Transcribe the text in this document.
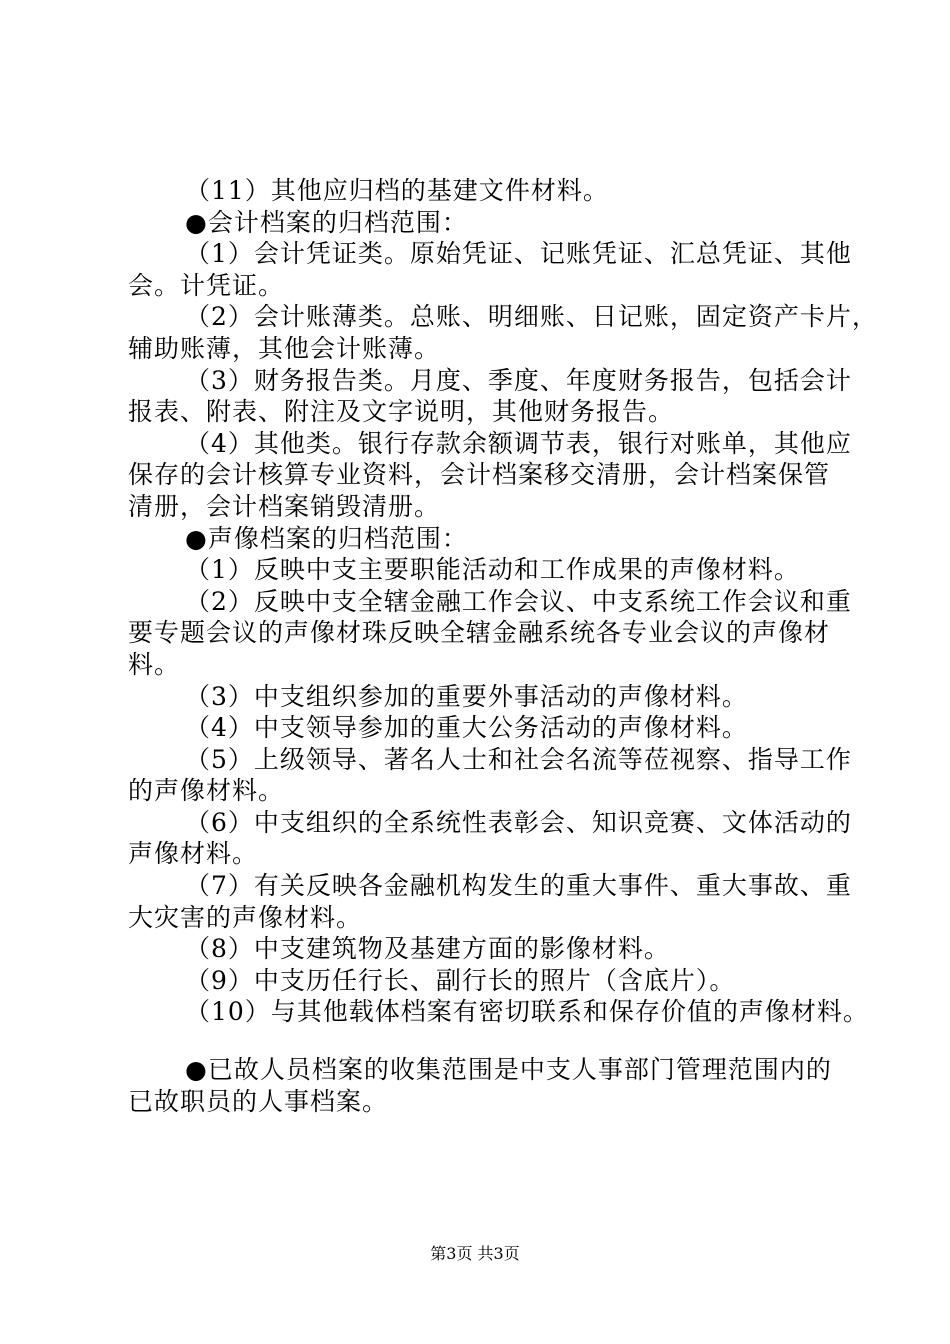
（11）其他应归档的基建文件材料。
●会计档案的归档范围：
（1）会计凭证类。原始凭证、记账凭证、汇总凭证、其他
会。计凭证。
（2）会计账薄类。总账、明细账、日记账，固定资产卡片，
辅助账薄，其他会计账薄。
（3）财务报告类。月度、季度、年度财务报告，包括会计
报表、附表、附注及文字说明，其他财务报告。
（4）其他类。银行存款余额调节表，银行对账单，其他应
保存的会计核算专业资料，会计档案移交清册，会计档案保管
清册，会计档案销毁清册。
●声像档案的归档范围：
（1）反映中支主要职能活动和工作成果的声像材料。
（2）反映中支全辖金融工作会议、中支系统工作会议和重
要专题会议的声像材珠反映全辖金融系统各专业会议的声像材
料。
（3）中支组织参加的重要外事活动的声像材料。
（4）中支领导参加的重大公务活动的声像材料。
（5）上级领导、著名人士和社会名流等莅视察、指导工作
的声像材料。
（6）中支组织的全系统性表彰会、知识竞赛、文体活动的
声像材料。
（7）有关反映各金融机构发生的重大事件、重大事故、重
大灾害的声像材料。
（8）中支建筑物及基建方面的影像材料。
（9）中支历任行长、副行长的照片（含底片）。
（10）与其他载体档案有密切联系和保存价值的声像材料。
●已故人员档案的收集范围是中支人事部门管理范围内的
已故职员的人事档案。
第3页 共3页
